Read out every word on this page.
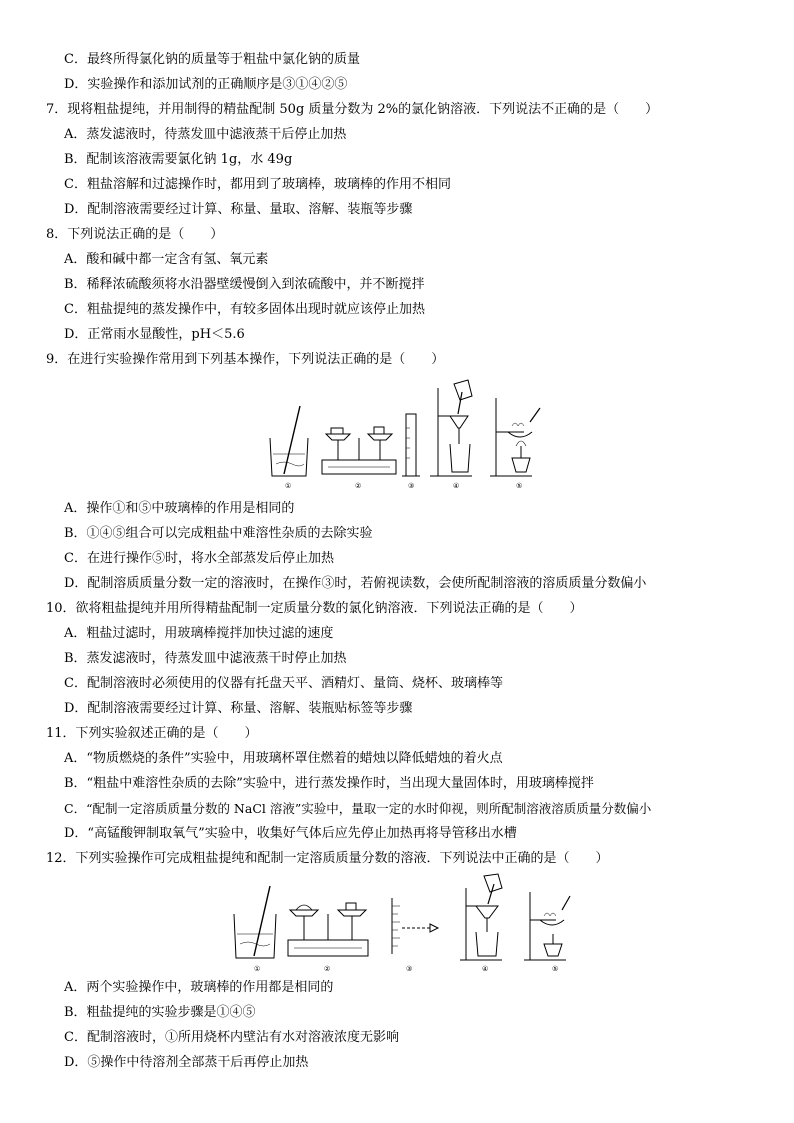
C．最终所得氯化钠的质量等于粗盐中氯化钠的质量
D．实验操作和添加试剂的正确顺序是③①④②⑤
7．现将粗盐提纯，并用制得的精盐配制 50g 质量分数为 2%的氯化钠溶液．下列说法不正确的是（　　）
A．蒸发滤液时，待蒸发皿中滤液蒸干后停止加热
B．配制该溶液需要氯化钠 1g，水 49g
C．粗盐溶解和过滤操作时，都用到了玻璃棒，玻璃棒的作用不相同
D．配制溶液需要经过计算、称量、量取、溶解、装瓶等步骤
8．下列说法正确的是（　　）
A．酸和碱中都一定含有氢、氧元素
B．稀释浓硫酸须将水沿器壁缓慢倒入到浓硫酸中，并不断搅拌
C．粗盐提纯的蒸发操作中，有较多固体出现时就应该停止加热
D．正常雨水显酸性，pH＜5.6
9．在进行实验操作常用到下列基本操作，下列说法正确的是（　　）
①	②	③	④	⑤
A．操作①和⑤中玻璃棒的作用是相同的
B．①④⑤组合可以完成粗盐中难溶性杂质的去除实验
C．在进行操作⑤时，将水全部蒸发后停止加热
D．配制溶质质量分数一定的溶液时，在操作③时，若俯视读数，会使所配制溶液的溶质质量分数偏小
10．欲将粗盐提纯并用所得精盐配制一定质量分数的氯化钠溶液．下列说法正确的是（　　）
A．粗盐过滤时，用玻璃棒搅拌加快过滤的速度
B．蒸发滤液时，待蒸发皿中滤液蒸干时停止加热
C．配制溶液时必须使用的仪器有托盘天平、酒精灯、量筒、烧杯、玻璃棒等
D．配制溶液需要经过计算、称量、溶解、装瓶贴标签等步骤
11．下列实验叙述正确的是（　　）
A．“物质燃烧的条件”实验中，用玻璃杯罩住燃着的蜡烛以降低蜡烛的着火点
B．“粗盐中难溶性杂质的去除”实验中，进行蒸发操作时，当出现大量固体时，用玻璃棒搅拌
C．“配制一定溶质质量分数的 NaCl 溶液”实验中，量取一定的水时仰视，则所配制溶液溶质质量分数偏小
D．“高锰酸钾制取氧气”实验中，收集好气体后应先停止加热再将导管移出水槽
12．下列实验操作可完成粗盐提纯和配制一定溶质质量分数的溶液．下列说法中正确的是（　　）
①	②	③	④	⑤
A．两个实验操作中，玻璃棒的作用都是相同的
B．粗盐提纯的实验步骤是①④⑤
C．配制溶液时，①所用烧杯内壁沾有水对溶液浓度无影响
D．⑤操作中待溶剂全部蒸干后再停止加热
